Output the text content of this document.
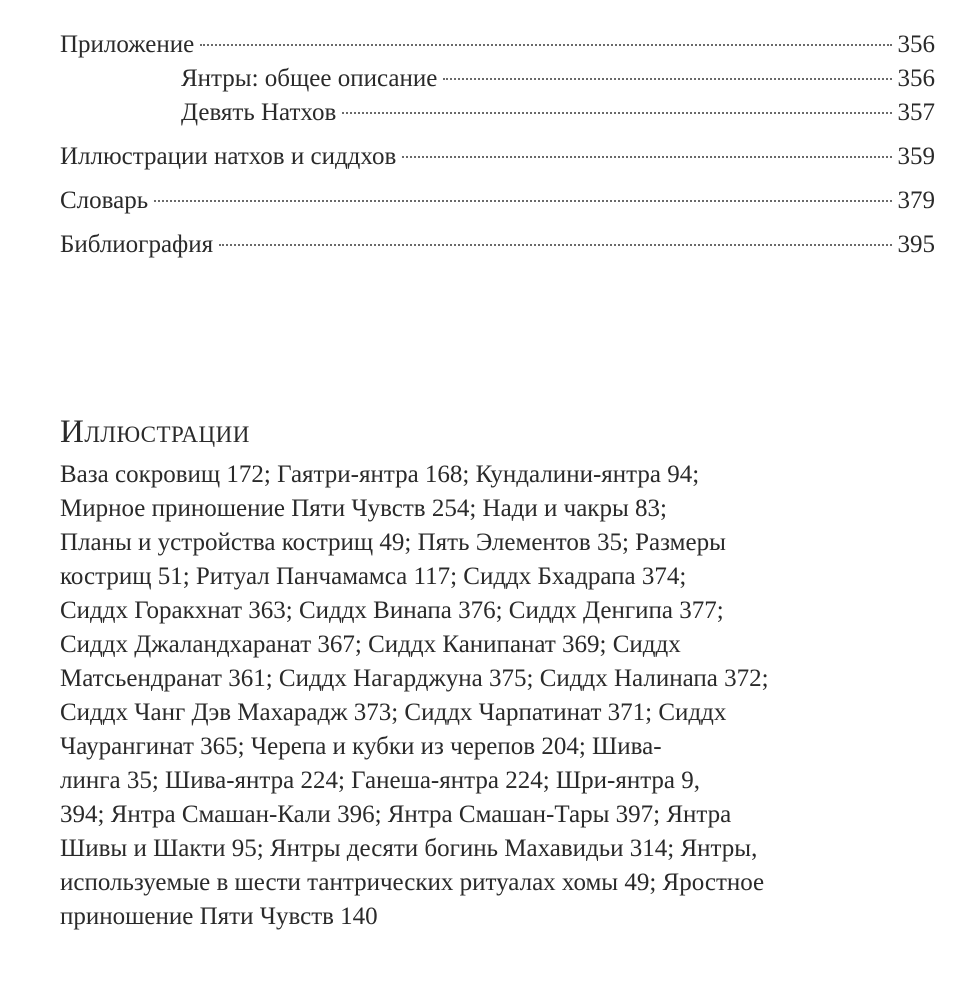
Приложение	356
Янтры: общее описание	356
Девять Натхов	357
Иллюстрации натхов и сиддхов	359
Словарь	379
Библиография	395
Иллюстрации
Ваза сокровищ 172; Гаятри-янтра 168; Кундалини-янтра 94;
Мирное приношение Пяти Чувств 254; Нади и чакры 83;
Планы и устройства кострищ 49; Пять Элементов 35; Размеры
кострищ 51; Ритуал Панчамамса 117; Сиддх Бхадрапа 374;
Сиддх Горакхнат 363; Сиддх Винапа 376; Сиддх Денгипа 377;
Сиддх Джаландхаранат 367; Сиддх Канипанат 369; Сиддх
Матсьендранат 361; Сиддх Нагарджуна 375; Сиддх Налинапа 372;
Сиддх Чанг Дэв Махарадж 373; Сиддх Чарпатинат 371; Сиддх
Чаурангинат 365; Черепа и кубки из черепов 204; Шива-
линга 35; Шива-янтра 224; Ганеша-янтра 224; Шри-янтра 9,
394; Янтра Смашан-Кали 396; Янтра Смашан-Тары 397; Янтра
Шивы и Шакти 95; Янтры десяти богинь Махавидьи 314; Янтры,
используемые в шести тантрических ритуалах хомы 49; Яростное
приношение Пяти Чувств 140
